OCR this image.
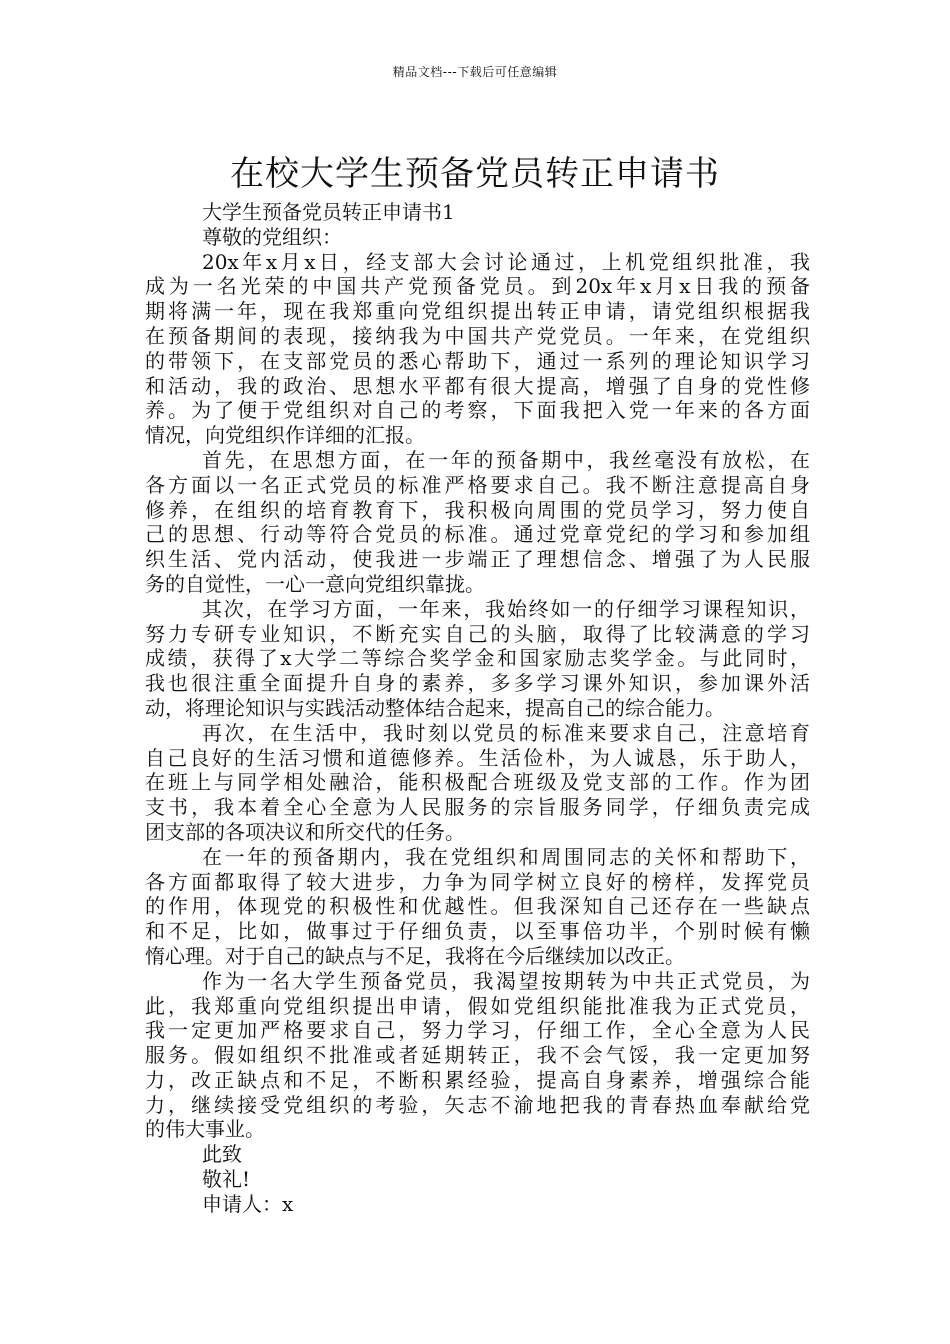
精品文档---下载后可任意编辑
在校大学生预备党员转正申请书
大学生预备党员转正申请书1
尊敬的党组织：
20x年x月x日，经支部大会讨论通过，上机党组织批准，我
成为一名光荣的中国共产党预备党员。到20x年x月x日我的预备
期将满一年，现在我郑重向党组织提出转正申请，请党组织根据我
在预备期间的表现，接纳我为中国共产党党员。一年来，在党组织
的带领下，在支部党员的悉心帮助下，通过一系列的理论知识学习
和活动，我的政治、思想水平都有很大提高，增强了自身的党性修
养。为了便于党组织对自己的考察，下面我把入党一年来的各方面
情况，向党组织作详细的汇报。
首先，在思想方面，在一年的预备期中，我丝毫没有放松，在
各方面以一名正式党员的标准严格要求自己。我不断注意提高自身
修养，在组织的培育教育下，我积极向周围的党员学习，努力使自
己的思想、行动等符合党员的标准。通过党章党纪的学习和参加组
织生活、党内活动，使我进一步端正了理想信念、增强了为人民服
务的自觉性，一心一意向党组织靠拢。
其次，在学习方面，一年来，我始终如一的仔细学习课程知识，
努力专研专业知识，不断充实自己的头脑，取得了比较满意的学习
成绩，获得了x大学二等综合奖学金和国家励志奖学金。与此同时，
我也很注重全面提升自身的素养，多多学习课外知识，参加课外活
动，将理论知识与实践活动整体结合起来，提高自己的综合能力。
再次，在生活中，我时刻以党员的标准来要求自己，注意培育
自己良好的生活习惯和道德修养。生活俭朴，为人诚恳，乐于助人，
在班上与同学相处融洽，能积极配合班级及党支部的工作。作为团
支书，我本着全心全意为人民服务的宗旨服务同学，仔细负责完成
团支部的各项决议和所交代的任务。
在一年的预备期内，我在党组织和周围同志的关怀和帮助下，
各方面都取得了较大进步，力争为同学树立良好的榜样，发挥党员
的作用，体现党的积极性和优越性。但我深知自己还存在一些缺点
和不足，比如，做事过于仔细负责，以至事倍功半，个别时候有懒
惰心理。对于自己的缺点与不足，我将在今后继续加以改正。
作为一名大学生预备党员，我渴望按期转为中共正式党员，为
此，我郑重向党组织提出申请，假如党组织能批准我为正式党员，
我一定更加严格要求自己，努力学习，仔细工作，全心全意为人民
服务。假如组织不批准或者延期转正，我不会气馁，我一定更加努
力，改正缺点和不足，不断积累经验，提高自身素养，增强综合能
力，继续接受党组织的考验，矢志不渝地把我的青春热血奉献给党
的伟大事业。
此致
敬礼!
申请人：x
